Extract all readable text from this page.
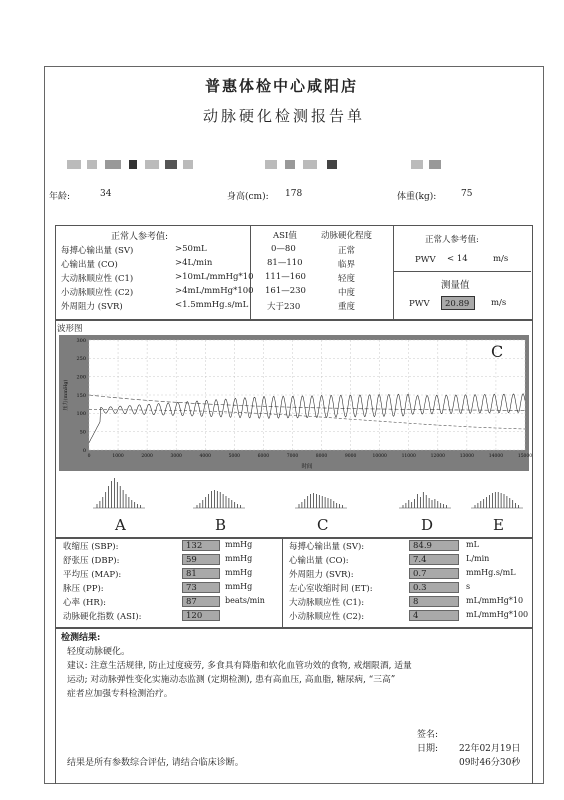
普惠体检中心咸阳店
动脉硬化检测报告单
年龄:	34	身高(cm): 178	体重(kg):	75
正常人参考值:
每搏心输出量 (SV)	>50mL
心输出量 (CO)	>4L/min
大动脉顺应性 (C1)	>10mL/mmHg*10
小动脉顺应性 (C2)	>4mL/mmHg*100
外周阻力 (SVR)	<1.5mmHg.s/mL
ASI值	动脉硬化程度
0—80	正常
81—110	临界
111—160	轻度
161—230	中度
大于230	重度
正常人参考值:
PWV < 14	m/s
测量值
PWV	20.89	m/s
波形图
0
50
100
150
200
250
300
0	1000	2000	3000	4000	5000	6000	7000	8000	9000	10000	11000	12000	13000	14000	15000
压力(mmHg)
时间
C
A	B	C	D	E
收缩压 (SBP):	132	mmHg
舒张压 (DBP):	59	mmHg
平均压 (MAP):	81	mmHg
脉压 (PP):	73	mmHg
心率 (HR):	87	beats/min
动脉硬化指数 (ASI):	120
每搏心输出量 (SV):	84.9	mL
心输出量 (CO):	7.4	L/min
外周阻力 (SVR):	0.7	mmHg.s/mL
左心室收缩时间 (ET):	0.3	s
大动脉顺应性 (C1):	8	mL/mmHg*10
小动脉顺应性 (C2):	4	mL/mmHg*100
检测结果:
轻度动脉硬化。
建议: 注意生活规律, 防止过度疲劳, 多食具有降脂和软化血管功效的食物, 戒烟限酒, 适量
运动; 对动脉弹性变化实施动态监测 (定期检测), 患有高血压, 高血脂, 糖尿病, “三高”
症者应加强专科检测治疗。
签名:
日期: 22年02月19日
09时46分30秒
结果是所有参数综合评估, 请结合临床诊断。
